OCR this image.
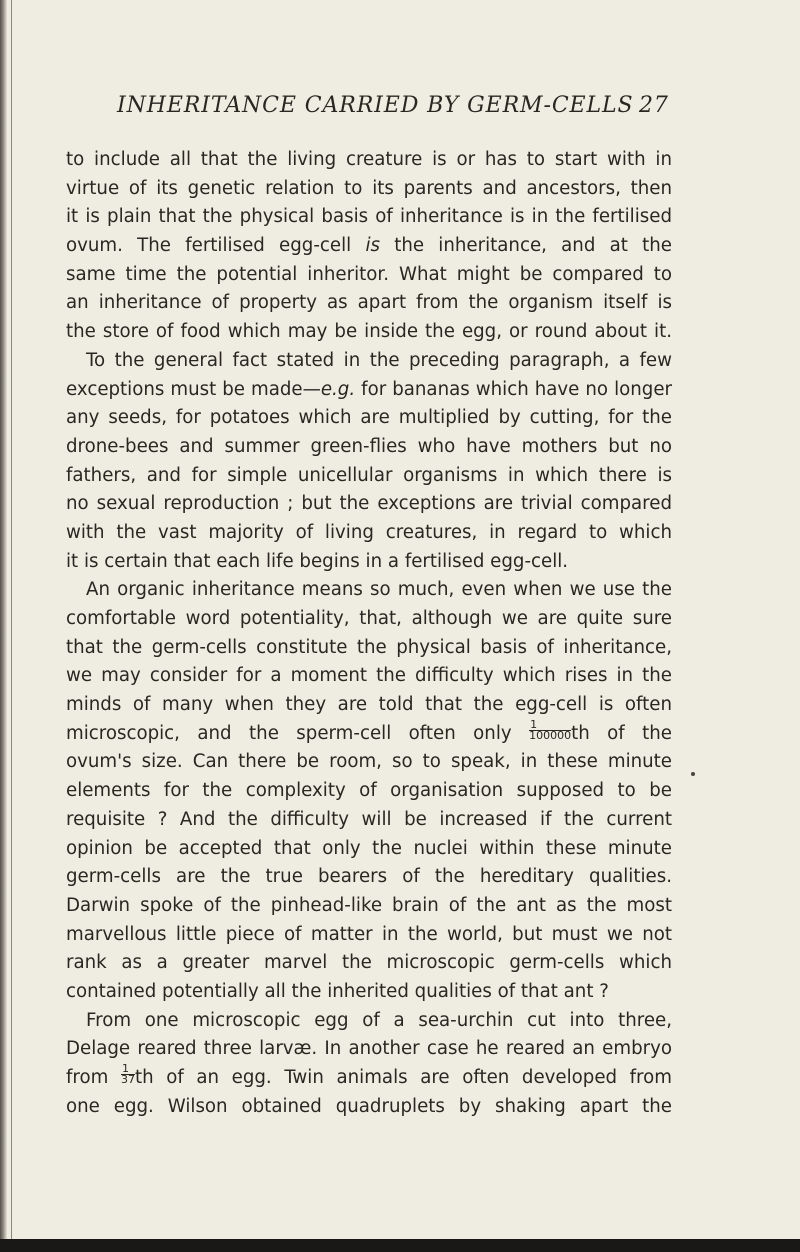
INHERITANCE CARRIED BY GERM-CELLS 27
to include all that the living creature is or has to start with in
virtue of its genetic relation to its parents and ancestors, then
it is plain that the physical basis of inheritance is in the fertilised
ovum. The fertilised egg-cell is the inheritance, and at the
same time the potential inheritor. What might be compared to
an inheritance of property as apart from the organism itself is
the store of food which may be inside the egg, or round about it.
To the general fact stated in the preceding paragraph, a few
exceptions must be made—e.g. for bananas which have no longer
any seeds, for potatoes which are multiplied by cutting, for the
drone-bees and summer green-flies who have mothers but no
fathers, and for simple unicellular organisms in which there is
no sexual reproduction ; but the exceptions are trivial compared
with the vast majority of living creatures, in regard to which
it is certain that each life begins in a fertilised egg-cell.
An organic inheritance means so much, even when we use the
comfortable word potentiality, that, although we are quite sure
that the germ-cells constitute the physical basis of inheritance,
we may consider for a moment the difficulty which rises in the
minds of many when they are told that the egg-cell is often
microscopic, and the sperm-cell often only $\frac{1}{100000}$ th of the
ovum's size. Can there be room, so to speak, in these minute
elements for the complexity of organisation supposed to be
requisite ? And the difficulty will be increased if the current
opinion be accepted that only the nuclei within these minute
germ-cells are the true bearers of the hereditary qualities.
Darwin spoke of the pinhead-like brain of the ant as the most
marvellous little piece of matter in the world, but must we not
rank as a greater marvel the microscopic germ-cells which
contained potentially all the inherited qualities of that ant ?
From one microscopic egg of a sea-urchin cut into three,
Delage reared three larvæ. In another case he reared an embryo
from $\frac{1}{37}$ th of an egg. Twin animals are often developed from
one egg. Wilson obtained quadruplets by shaking apart the
